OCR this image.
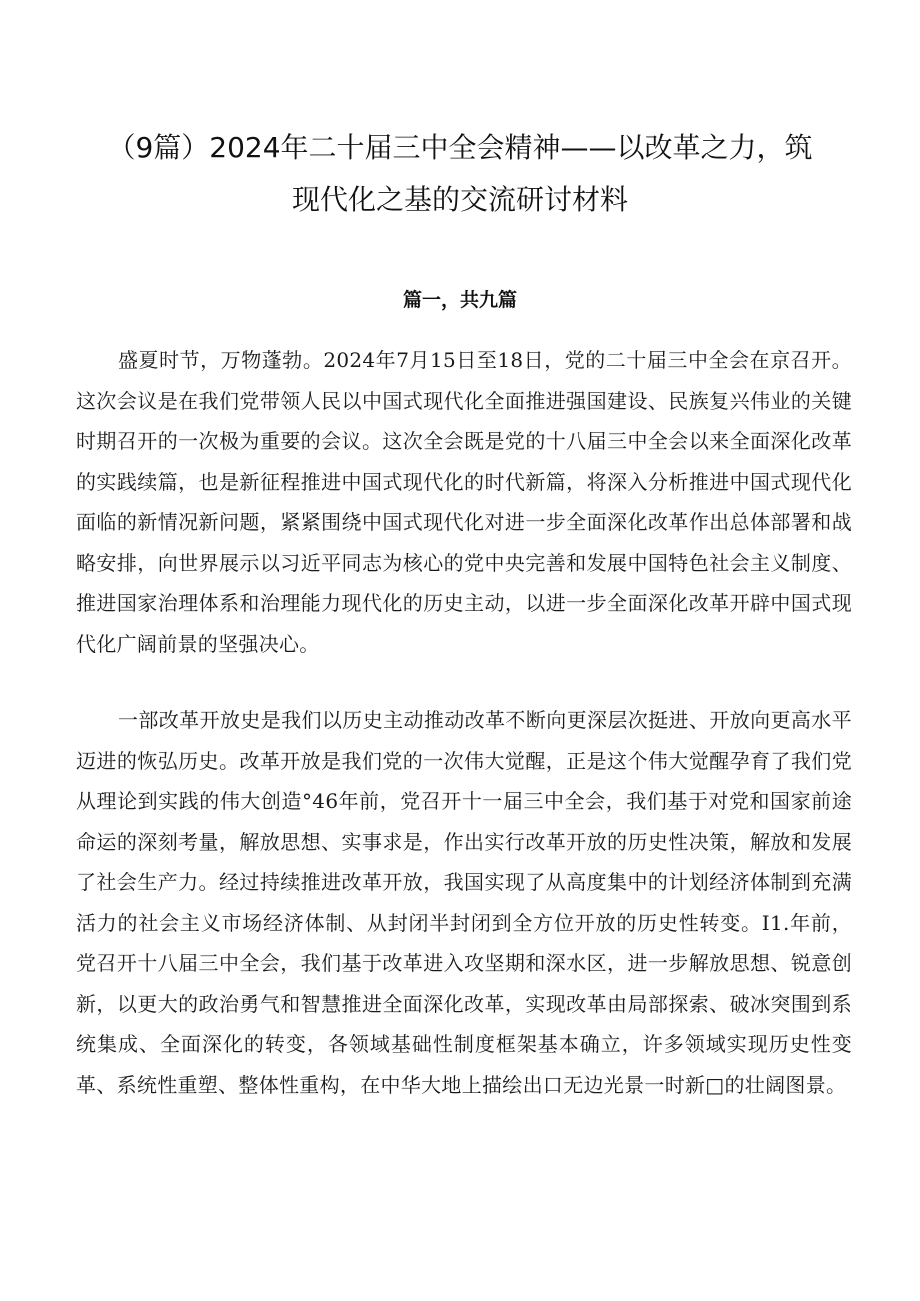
（9篇）2024年二十届三中全会精神——以改革之力，筑现代化之基的交流研讨材料
篇一，共九篇

盛夏时节，万物蓬勃。2024年7月15日至18日，党的二十届三中全会在京召开。这次会议是在我们党带领人民以中国式现代化全面推进强国建设、民族复兴伟业的关键时期召开的一次极为重要的会议。这次全会既是党的十八届三中全会以来全面深化改革的实践续篇，也是新征程推进中国式现代化的时代新篇，将深入分析推进中国式现代化面临的新情况新问题，紧紧围绕中国式现代化对进一步全面深化改革作出总体部署和战略安排，向世界展示以习近平同志为核心的党中央完善和发展中国特色社会主义制度、推进国家治理体系和治理能力现代化的历史主动，以进一步全面深化改革开辟中国式现代化广阔前景的坚强决心。

一部改革开放史是我们以历史主动推动改革不断向更深层次挺进、开放向更高水平迈进的恢弘历史。改革开放是我们党的一次伟大觉醒，正是这个伟大觉醒孕育了我们党从理论到实践的伟大创造°46年前，党召开十一届三中全会，我们基于对党和国家前途命运的深刻考量，解放思想、实事求是，作出实行改革开放的历史性决策，解放和发展了社会生产力。经过持续推进改革开放，我国实现了从高度集中的计划经济体制到充满活力的社会主义市场经济体制、从封闭半封闭到全方位开放的历史性转变。I1.年前，党召开十八届三中全会，我们基于改革进入攻坚期和深水区，进一步解放思想、锐意创新，以更大的政治勇气和智慧推进全面深化改革，实现改革由局部探索、破冰突围到系统集成、全面深化的转变，各领域基础性制度框架基本确立，许多领域实现历史性变革、系统性重塑、整体性重构，在中华大地上描绘出口无边光景一时新□的壮阔图景。
